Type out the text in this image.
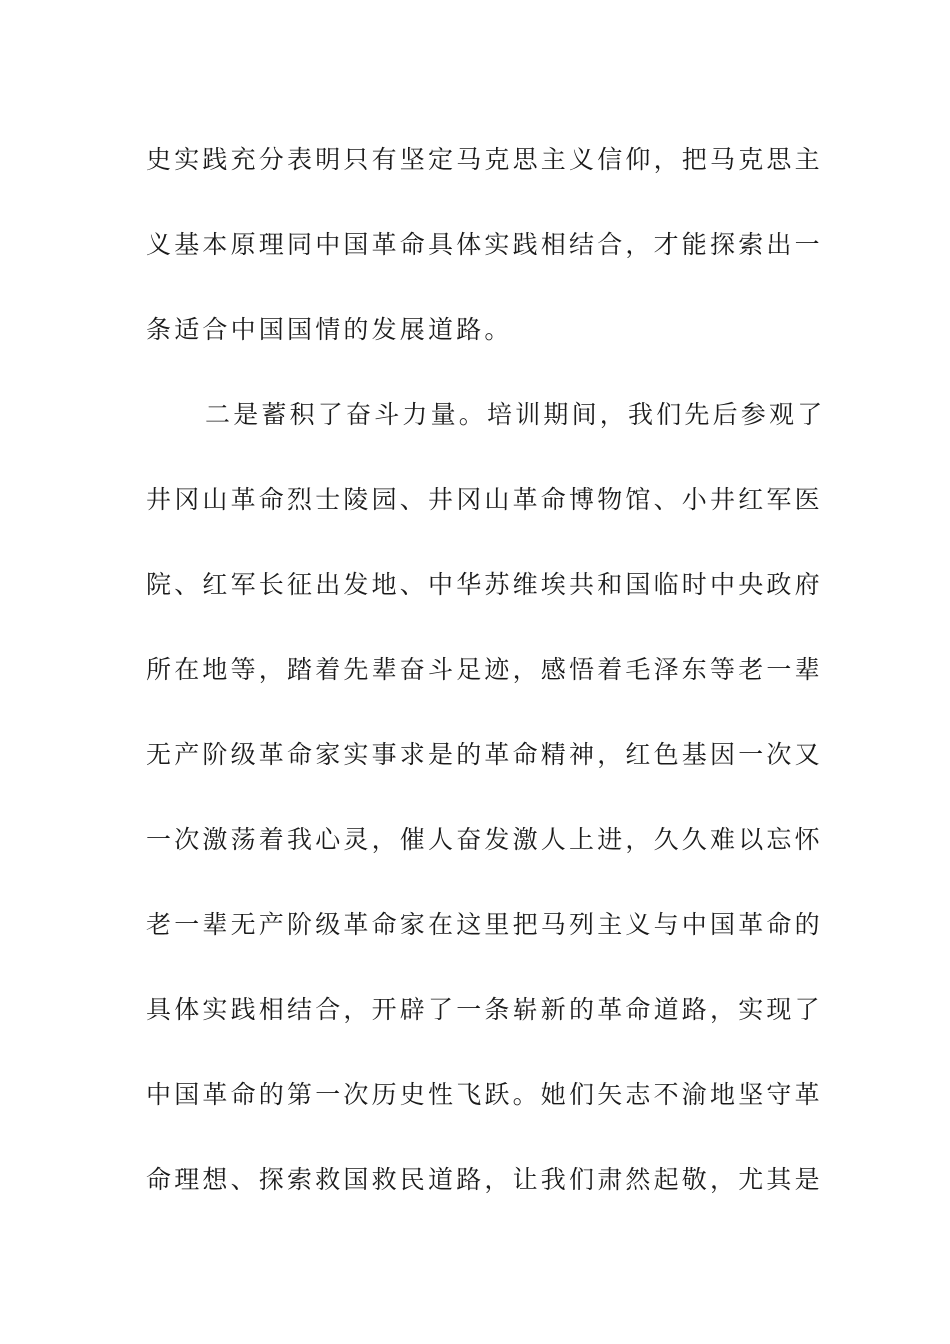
史实践充分表明只有坚定马克思主义信仰，把马克思主
义基本原理同中国革命具体实践相结合，才能探索出一
条适合中国国情的发展道路。
二是蓄积了奋斗力量。培训期间，我们先后参观了
井冈山革命烈士陵园、井冈山革命博物馆、小井红军医
院、红军长征出发地、中华苏维埃共和国临时中央政府
所在地等，踏着先辈奋斗足迹，感悟着毛泽东等老一辈
无产阶级革命家实事求是的革命精神，红色基因一次又
一次激荡着我心灵，催人奋发激人上进，久久难以忘怀
老一辈无产阶级革命家在这里把马列主义与中国革命的
具体实践相结合，开辟了一条崭新的革命道路，实现了
中国革命的第一次历史性飞跃。她们矢志不渝地坚守革
命理想、探索救国救民道路，让我们肃然起敬，尤其是
